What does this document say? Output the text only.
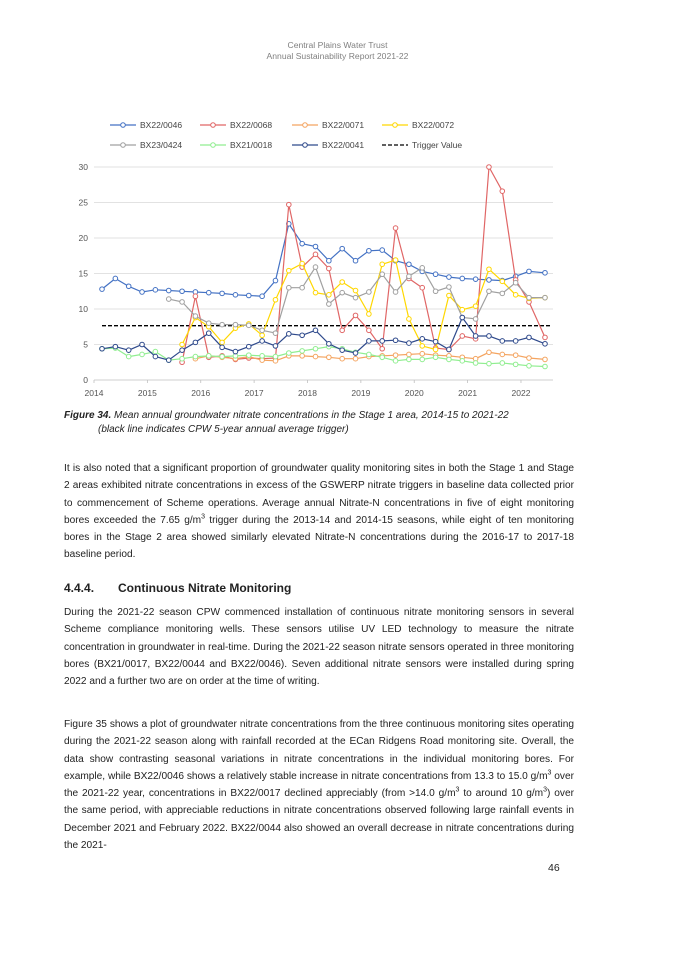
Central Plains Water Trust
Annual Sustainability Report 2021-22
0
5
10
15
20
25
30
2014	2015	2016	2017	2018	2019	2020	2021	2022
BX22/0046	BX22/0068	BX22/0071	BX22/0072
BX23/0424	BX21/0018	BX22/0041	Trigger Value
Figure 34. Mean annual groundwater nitrate concentrations in the Stage 1 area, 2014-15 to 2021-22
(black line indicates CPW 5-year annual average trigger)
It is also noted that a significant proportion of groundwater quality monitoring sites in both the Stage 1 and Stage 2 areas exhibited nitrate concentrations in excess of the GSWERP nitrate triggers in baseline data collected prior to commencement of Scheme operations. Average annual Nitrate-N concentrations in five of eight monitoring bores exceeded the 7.65 $g/m^3$ trigger during the 2013-14 and 2014-15 seasons, while eight of ten monitoring bores in the Stage 2 area showed similarly elevated Nitrate-N concentrations during the 2016-17 to 2017-18 baseline period.
4.4.4. Continuous Nitrate Monitoring
During the 2021-22 season CPW commenced installation of continuous nitrate monitoring sensors in several Scheme compliance monitoring wells. These sensors utilise UV LED technology to measure the nitrate concentration in groundwater in real-time. During the 2021-22 season nitrate sensors operated in three monitoring bores (BX21/0017, BX22/0044 and BX22/0046). Seven additional nitrate sensors were installed during spring 2022 and a further two are on order at the time of writing.
Figure 35 shows a plot of groundwater nitrate concentrations from the three continuous monitoring sites operating during the 2021-22 season along with rainfall recorded at the ECan Ridgens Road monitoring site. Overall, the data show contrasting seasonal variations in nitrate concentrations in the individual monitoring bores. For example, while BX22/0046 shows a relatively stable increase in nitrate concentrations from 13.3 to 15.0 $g/m^3$ over the 2021-22 year, concentrations in BX22/0017 declined appreciably (from >14.0 $g/m^3$ to around 10 $g/m^3$) over the same period, with appreciable reductions in nitrate concentrations observed following large rainfall events in December 2021 and February 2022. BX22/0044 also showed an overall decrease in nitrate concentrations during the 2021-
46
